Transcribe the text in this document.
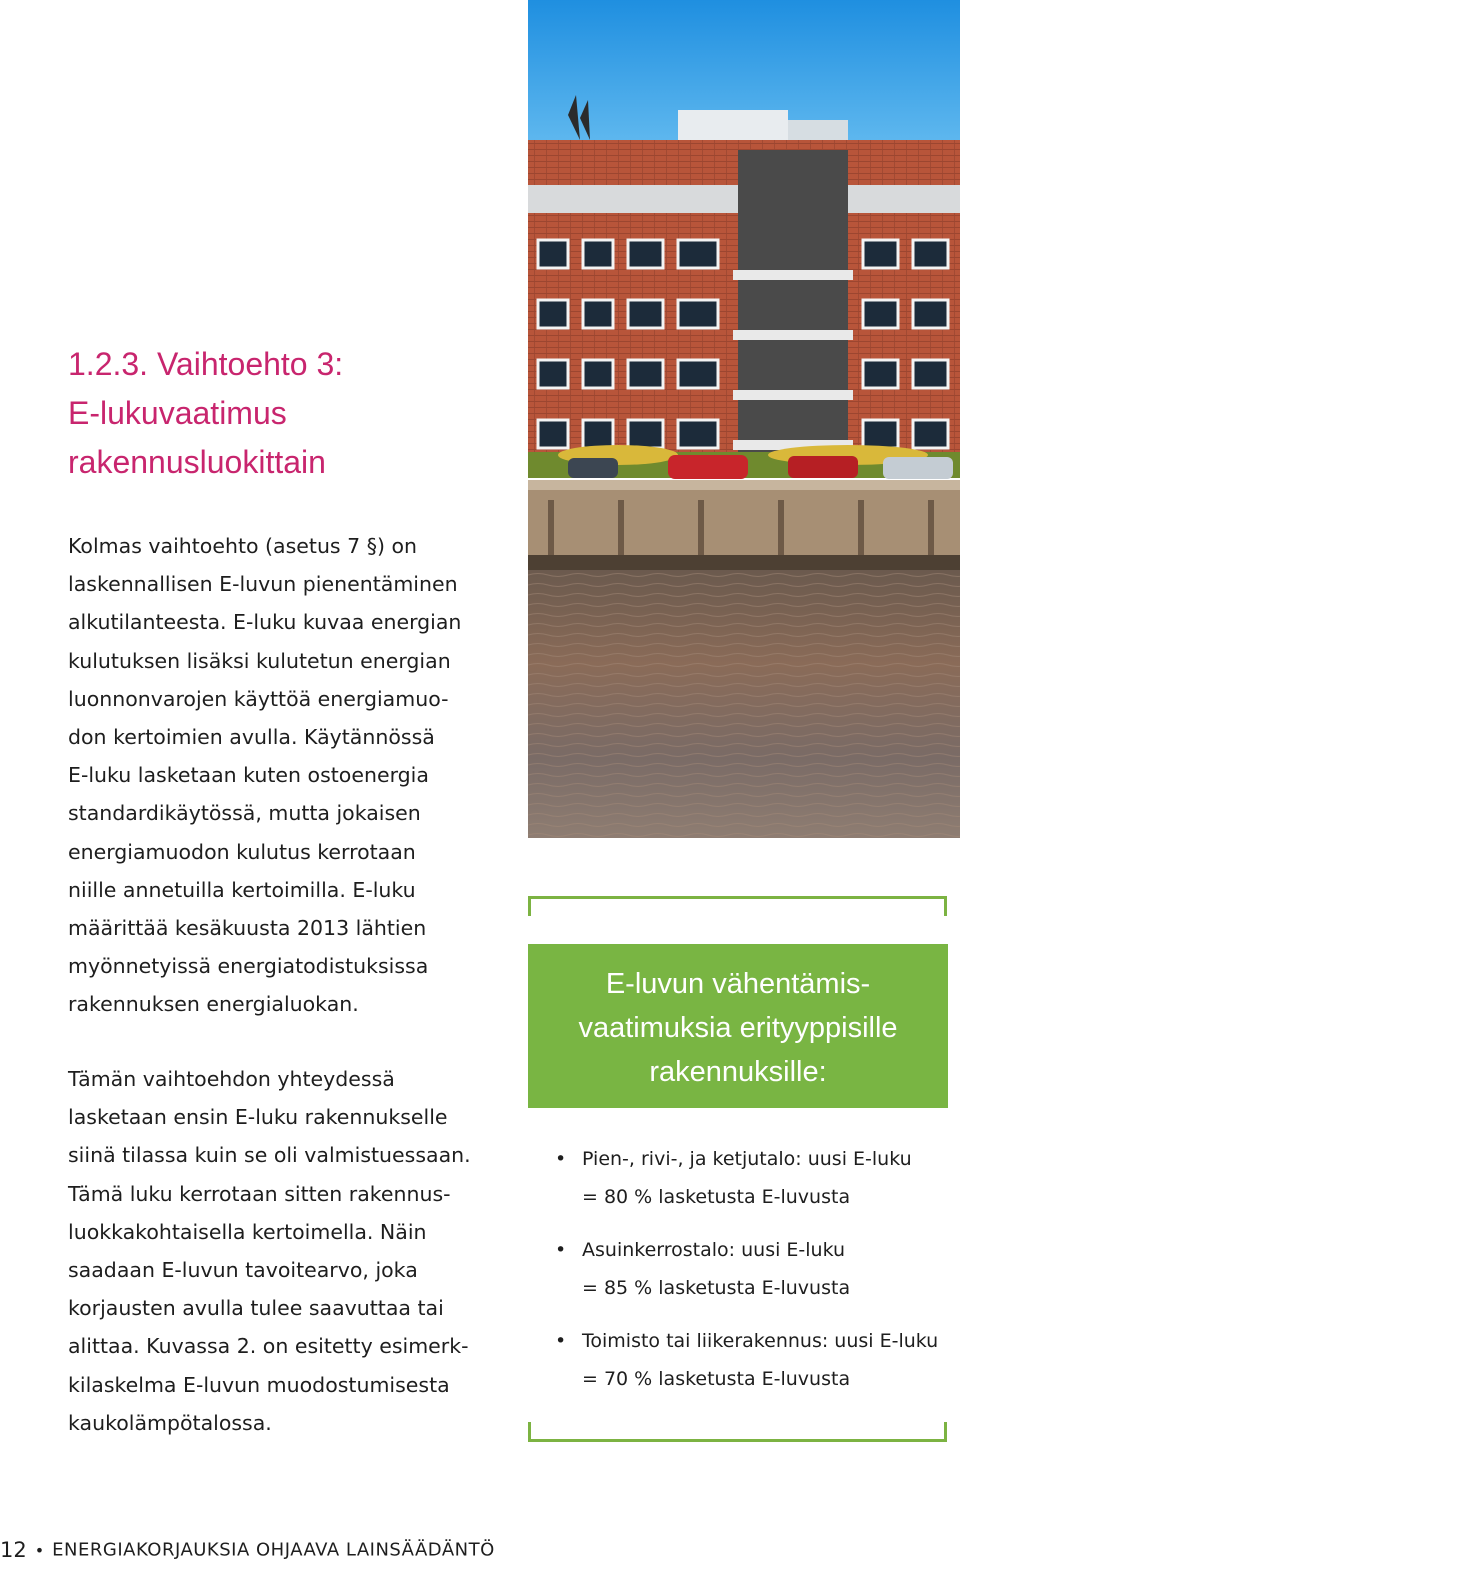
1.2.3. Vaihtoehto 3:
E-lukuvaatimus
rakennusluokittain

Kolmas vaihtoehto (asetus 7 §) on
laskennallisen E-luvun pienentäminen
alkutilanteesta. E-luku kuvaa energian
kulutuksen lisäksi kulutetun energian
luonnonvarojen käyttöä energiamuo-
don kertoimien avulla. Käytännössä
E-luku lasketaan kuten ostoenergia
standardikäytössä, mutta jokaisen
energiamuodon kulutus kerrotaan
niille annetuilla kertoimilla. E-luku
määrittää kesäkuusta 2013 lähtien
myönnetyissä energiatodistuksissa
rakennuksen energialuokan.

Tämän vaihtoehdon yhteydessä
lasketaan ensin E-luku rakennukselle
siinä tilassa kuin se oli valmistuessaan.
Tämä luku kerrotaan sitten rakennus-
luokkakohtaisella kertoimella. Näin
saadaan E-luvun tavoitearvo, joka
korjausten avulla tulee saavuttaa tai
alittaa. Kuvassa 2. on esitetty esimerk-
kilaskelma E-luvun muodostumisesta
kaukolämpötalossa.

Kuva: Iloinen Liftari
E-luvun vähentämis-
vaatimuksia erityyppisille
rakennuksille:
• Pien-, rivi-, ja ketjutalo: uusi E-luku
= 80 % lasketusta E-luvusta
• Asuinkerrostalo: uusi E-luku
= 85 % lasketusta E-luvusta
• Toimisto tai liikerakennus: uusi E-luku
= 70 % lasketusta E-luvusta
12 • ENERGIAKORJAUKSIA OHJAAVA LAINSÄÄDÄNTÖ
